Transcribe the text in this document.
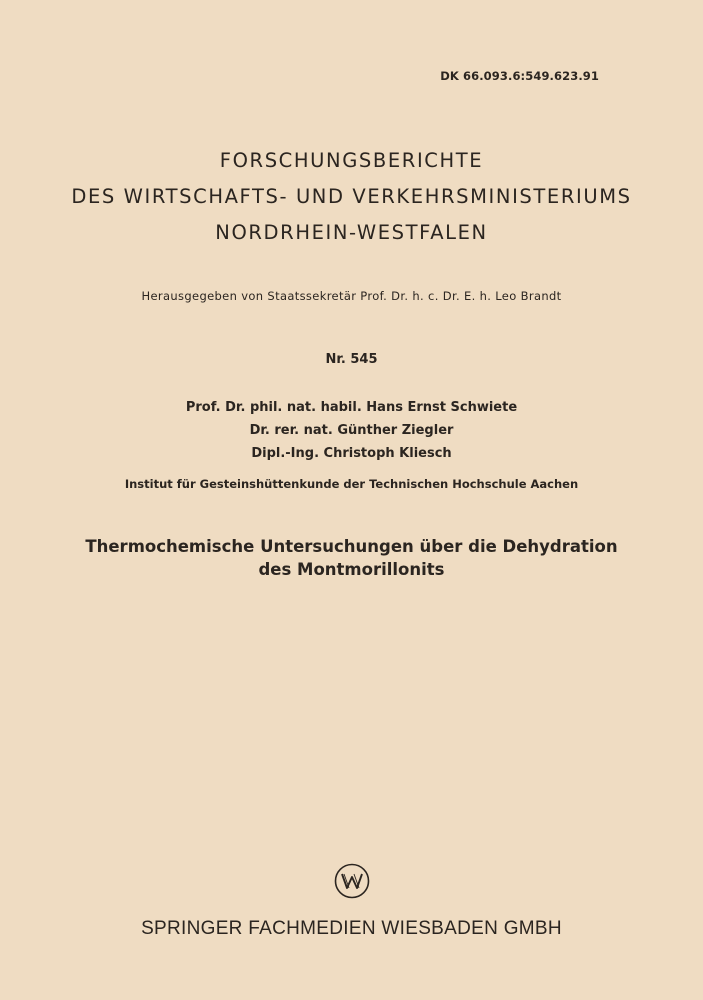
DK 66.093.6:549.623.91
FORSCHUNGSBERICHTE
DES WIRTSCHAFTS- UND VERKEHRSMINISTERIUMS
NORDRHEIN-WESTFALEN
Herausgegeben von Staatssekretär Prof. Dr. h. c. Dr. E. h. Leo Brandt
Nr. 545
Prof. Dr. phil. nat. habil. Hans Ernst Schwiete
Dr. rer. nat. Günther Ziegler
Dipl.-Ing. Christoph Kliesch
Institut für Gesteinshüttenkunde der Technischen Hochschule Aachen
Thermochemische Untersuchungen über die Dehydration
des Montmorillonits
SPRINGER FACHMEDIEN WIESBADEN GMBH
